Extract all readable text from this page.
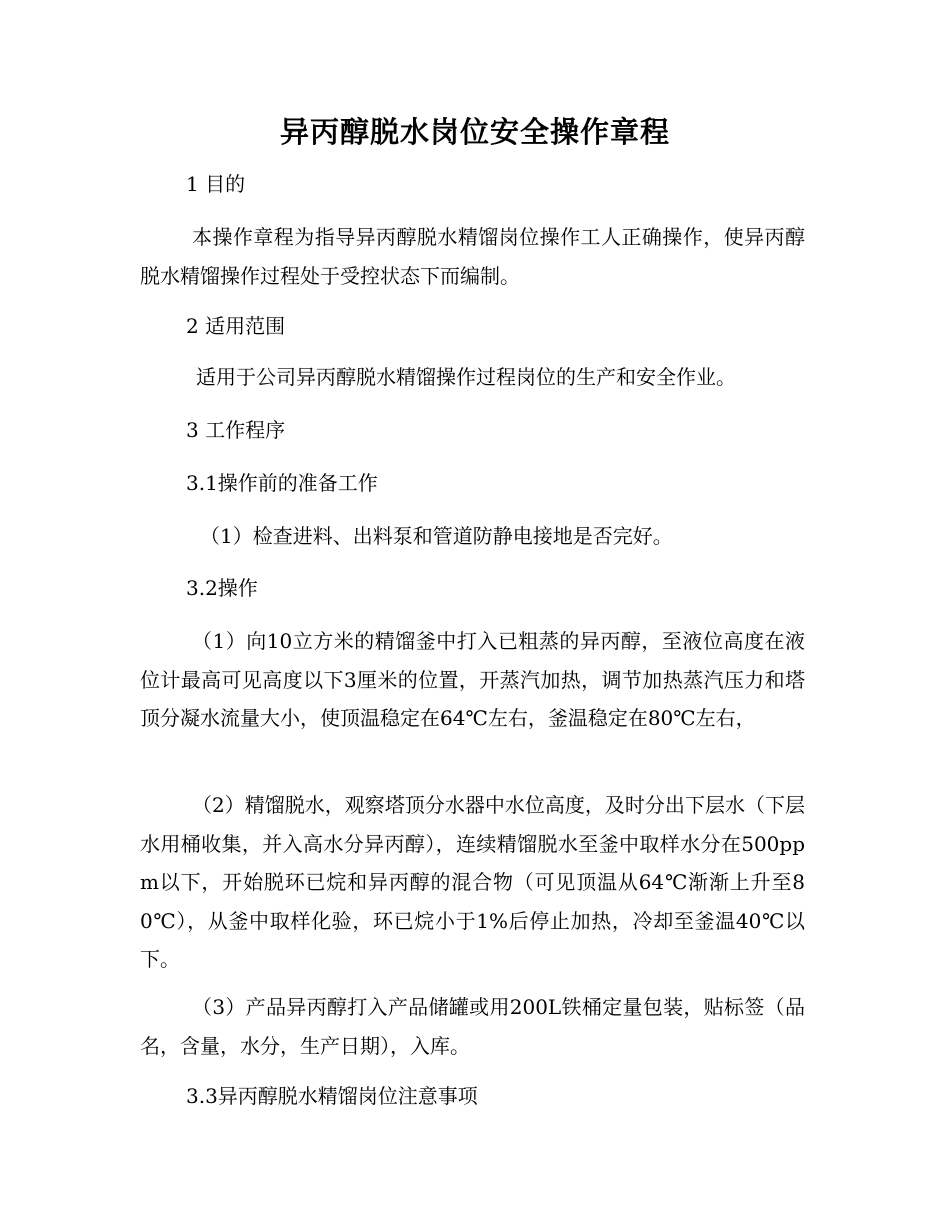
异丙醇脱水岗位安全操作章程

1 目的

本操作章程为指导异丙醇脱水精馏岗位操作工人正确操作，使异丙醇脱水精馏操作过程处于受控状态下而编制。

2 适用范围

适用于公司异丙醇脱水精馏操作过程岗位的生产和安全作业。

3 工作程序

3.1操作前的准备工作

（1）检查进料、出料泵和管道防静电接地是否完好。

3.2操作

（1）向10立方米的精馏釜中打入已粗蒸的异丙醇，至液位高度在液位计最高可见高度以下3厘米的位置，开蒸汽加热，调节加热蒸汽压力和塔顶分凝水流量大小，使顶温稳定在64℃左右，釜温稳定在80℃左右，

（2）精馏脱水，观察塔顶分水器中水位高度，及时分出下层水（下层水用桶收集，并入高水分异丙醇），连续精馏脱水至釜中取样水分在500ppm以下，开始脱环已烷和异丙醇的混合物（可见顶温从64℃渐渐上升至80℃），从釜中取样化验，环已烷小于1%后停止加热，冷却至釜温40℃以下。

（3）产品异丙醇打入产品储罐或用200L铁桶定量包装，贴标签（品名，含量，水分，生产日期），入库。

3.3异丙醇脱水精馏岗位注意事项
